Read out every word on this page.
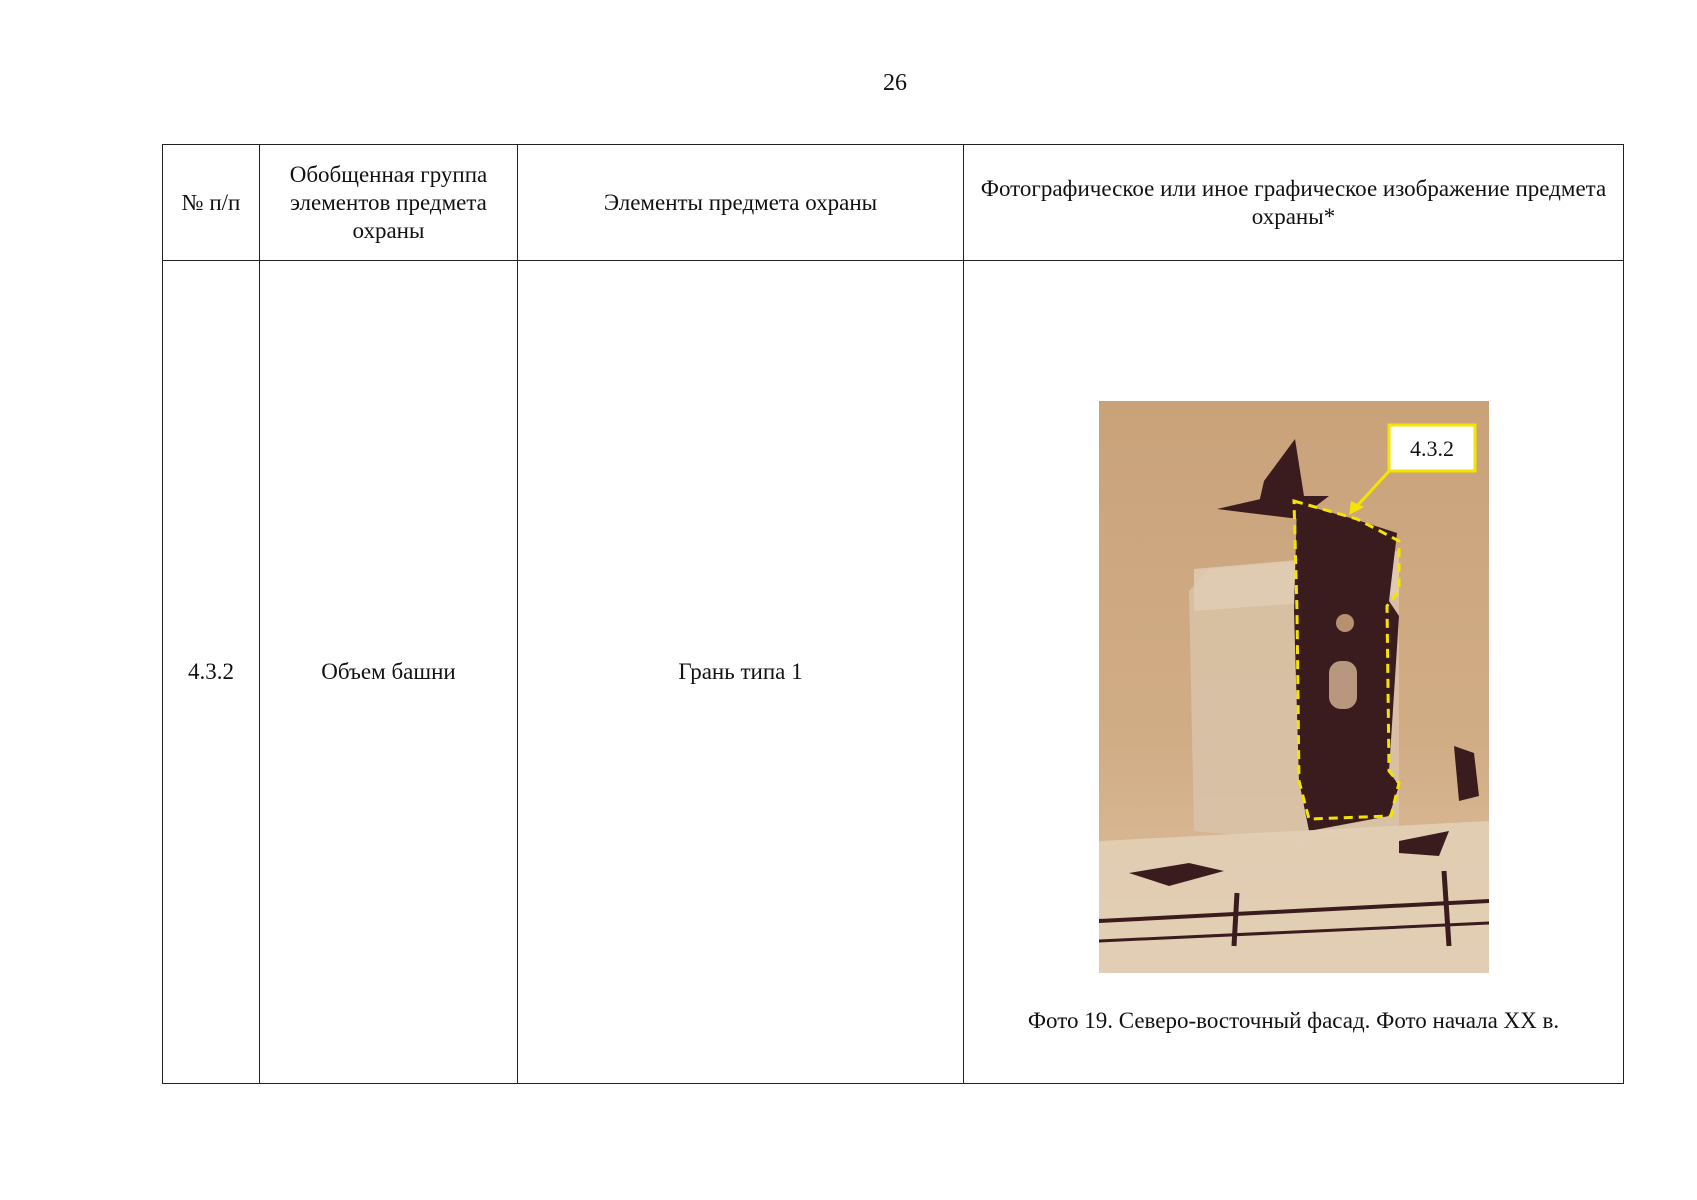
26
№ п/п	Обобщенная группа элементов предмета охраны	Элементы предмета охраны	Фотографическое или иное графическое изображение предмета охраны*
4.3.2	Объем башни	Грань типа 1	4.3.2
Фото 19. Северо-восточный фасад. Фото начала XX в.
